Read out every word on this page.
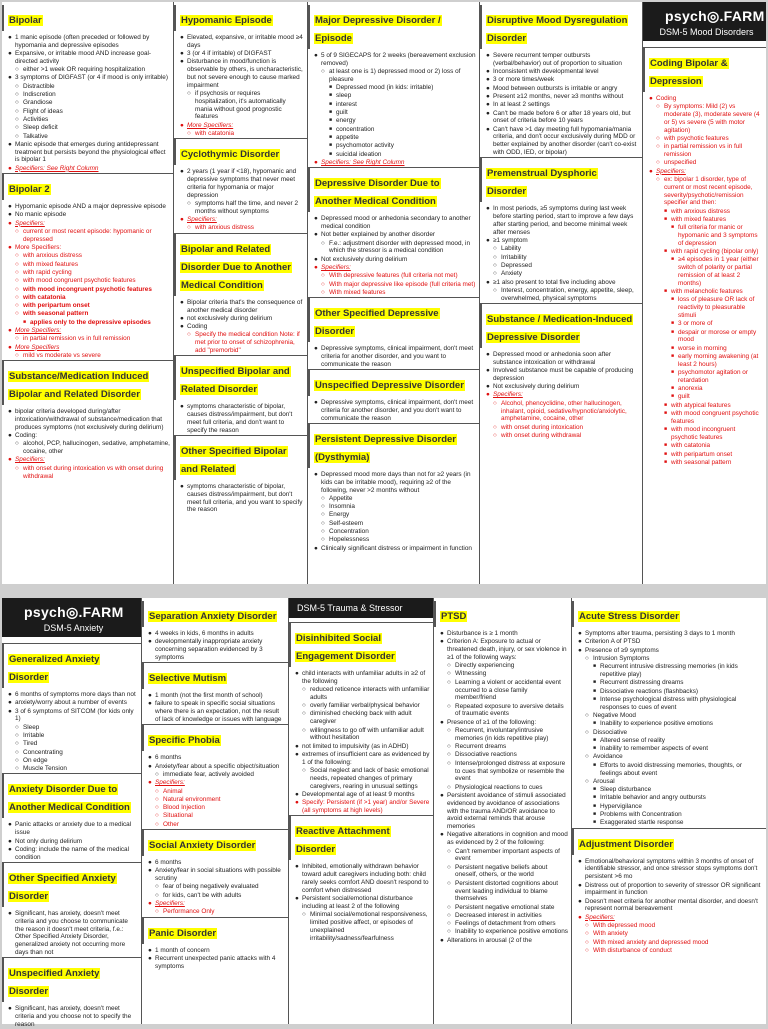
Bipolar
● 1 manic episode (often preceded or followed by hypomania and depressive episodes
● Expansive, or irritable mood AND increase goal-directed activity
○ either >1 week OR requiring hospitalization
● 3 symptoms of DIGFAST (or 4 if mood is only irritable)
○ Distractible
○ Indiscretion
○ Grandiose
○ Flight of ideas
○ Activities
○ Sleep deficit
○ Talkative
● Manic episode that emerges during antidepressant treatment but persists beyond the physiological effect is bipolar 1
● Specifiers: See Right Column
Bipolar 2
● Hypomanic episode AND a major depressive episode
● No manic episode
● Specifiers:
○ current or most recent episode: hypomanic or depressed
● More Specifiers:
○ with anxious distress
○ with mixed features
○ with rapid cycling
○ with mood congruent psychotic features
○ with mood incongruent psychotic features
○ with catatonia
○ with peripartum onset
○ with seasonal pattern
■ applies only to the depressive episodes
● More Specifiers:
○ in partial remission vs in full remission
● More Specifiers
○ mild vs moderate vs severe
Substance/Medication Induced Bipolar and Related Disorder
● bipolar criteria developed during/after intoxication/withdrawal of substance/medication that produces symptoms (not exclusively during delirium)
● Coding:
○ alcohol, PCP, hallucinogen, sedative, amphetamine, cocaine, other
● Specifiers:
○ with onset during intoxication vs with onset during withdrawal
Hypomanic Episode
● Elevated, expansive, or irritable mood ≥4 days
● 3 (or 4 if irritable) of DIGFAST
● Disturbance in mood/function is observable by others, is uncharacteristic, but not severe enough to cause marked impairment
○ if psychosis or requires hospitalization, it's automatically mania without good prognostic features
● More Specifiers:
○ with catatonia
Cyclothymic Disorder
● 2 years (1 year if <18), hypomanic and depressive symptoms that never meet criteria for hypomania or major depression
○ symptoms half the time, and never 2 months without symptoms
● Specifiers:
○ with anxious distress
Bipolar and Related Disorder Due to Another Medical Condition
● Bipolar criteria that's the consequence of another medical disorder
● not exclusively during delirium
● Coding
○ Specify the medical condition Note: if met prior to onset of schizophrenia, add "premorbid"
Unspecified Bipolar and Related Disorder
● symptoms characteristic of bipolar, causes distress/impairment, but don't meet full criteria, and don't want to specify the reason
Other Specified Bipolar and Related
● symptoms characteristic of bipolar, causes distress/impairment, but don't meet full criteria, and you want to specify the reason
Major Depressive Disorder / Episode
● 5 of 9 SIGECAPS for 2 weeks (bereavement exclusion removed)
○ at least one is 1) depressed mood or 2) loss of pleasure
■ Depressed mood (in kids: irritable)
■ sleep
■ interest
■ guilt
■ energy
■ concentration
■ appetite
■ psychomotor activity
■ suicidal ideation
● Specifiers: See Right Column
Depressive Disorder Due to Another Medical Condition
● Depressed mood or anhedonia secondary to another medical condition
● Not better explained by another disorder
○ F.e.: adjustment disorder with depressed mood, in which the stressor is a medical condition
● Not exclusively during delirium
● Specifiers:
○ With depressive features (full criteria not met)
○ With major depressive like episode (full criteria met)
○ With mixed features
Other Specified Depressive Disorder
● Depressive symptoms, clinical impairment, don't meet criteria for another disorder, and you want to communicate the reason
Unspecified Depressive Disorder
● Depressive symptoms, clinical impairment, don't meet criteria for another disorder, and you don't want to communicate the reason
Persistent Depressive Disorder (Dysthymia)
● Depressed mood more days than not for ≥2 years (in kids can be irritable mood), requiring ≥2 of the following, never >2 months without
○ Appetite
○ Insomnia
○ Energy
○ Self-esteem
○ Concentration
○ Hopelessness
● Clinically significant distress or impairment in function
Disruptive Mood Dysregulation Disorder
● Severe recurrent temper outbursts (verbal/behavior) out of proportion to situation
● Inconsistent with developmental level
● 3 or more times/week
● Mood between outbursts is irritable or angry
● Present ≥12 months, never ≥3 months without
● In at least 2 settings
● Can't be made before 6 or after 18 years old, but onset of criteria before 10 years
● Can't have >1 day meeting full hypomania/mania criteria, and don't occur exclusively during MDD or better explained by another disorder (can't co-exist with ODD, IED, or bipolar)
Premenstrual Dysphoric Disorder
● In most periods, ≥5 symptoms during last week before starting period, start to improve a few days after starting period, and become minimal week after menses
● ≥1 symptom
○ Lability
○ Irritability
○ Depressed
○ Anxiety
● ≥1 also present to total five including above
○ Interest, concentration, energy, appetite, sleep, overwhelmed, physical symptoms
Substance / Medication-Induced Depressive Disorder
● Depressed mood or anhedonia soon after substance intoxication or withdrawal
● Involved substance must be capable of producing depression
● Not exclusively during delirium
● Specifiers:
○ Alcohol, phencyclidine, other hallucinogen, inhalant, opioid, sedative/hypnotic/anxiolytic, amphetamine, cocaine, other
○ with onset during intoxication
○ with onset during withdrawal
psych◎.FARM
DSM-5 Mood Disorders
Coding Bipolar & Depression
● Coding
○ By symptoms: Mild (2) vs moderate (3), moderate severe (4 or 5) vs severe (5 with motor agitation)
○ with psychotic features
○ in partial remission vs in full remission
○ unspecified
● Specifiers:
○ ex: bipolar 1 disorder, type of current or most recent episode, severity/psychotic/remission specifier and then:
■ with anxious distress
■ with mixed features
■ full criteria for manic or hypomanic and 3 symptoms of depression
■ with rapid cycling (bipolar only)
■ ≥4 episodes in 1 year (either switch of polarity or partial remission of at least 2 months)
■ with melancholic features
■ loss of pleasure OR lack of reactivity to pleasurable stimuli
■ 3 or more of
■ despair or morose or empty mood
■ worse in morning
■ early morning awakening (at least 2 hours)
■ psychomotor agitation or retardation
■ anorexia
■ guilt
■ with atypical features
■ with mood congruent psychotic features
■ with mood incongruent psychotic features
■ with catatonia
■ with peripartum onset
■ with seasonal pattern
psych◎.FARM
DSM-5 Anxiety
Generalized Anxiety Disorder
● 6 months of symptoms more days than not
● anxiety/worry about a number of events
● 3 of 6 symptoms of SITCOM (for kids only 1)
○ Sleep
○ Irritable
○ Tired
○ Concentrating
○ On edge
○ Muscle Tension
Anxiety Disorder Due to Another Medical Condition
● Panic attacks or anxiety due to a medical issue
● Not only during delirium
● Coding: include the name of the medical condition
Other Specified Anxiety Disorder
● Significant, has anxiety, doesn't meet criteria and you choose to communicate the reason it doesn't meet criteria, f.e.: Other Specified Anxiety Disorder, generalized anxiety not occurring more days than not
Unspecified Anxiety Disorder
● Significant, has anxiety, doesn't meet criteria and you choose not to specify the reason
Separation Anxiety Disorder
● 4 weeks in kids, 6 months in adults
● developmentally inappropriate anxiety concerning separation evidenced by 3 symptoms
Selective Mutism
● 1 month (not the first month of school)
● failure to speak in specific social situations where there is an expectation, not the result of lack of knowledge or issues with language
Specific Phobia
● 6 months
● Anxiety/fear about a specific object/situation
○ immediate fear, actively avoided
● Specifiers:
○ Animal
○ Natural environment
○ Blood Injection
○ Situational
○ Other
Social Anxiety Disorder
● 6 months
● Anxiety/fear in social situations with possible scrutiny
○ fear of being negatively evaluated
○ for kids, can't be with adults
● Specifiers:
○ Performance Only
Panic Disorder
● 1 month of concern
● Recurrent unexpected panic attacks with 4 symptoms
DSM-5 Trauma & Stressor
Disinhibited Social Engagement Disorder
● child interacts with unfamiliar adults in ≥2 of the following
○ reduced reticence interacts with unfamiliar adults
○ overly familiar verbal/physical behavior
○ diminished checking back with adult caregiver
○ willingness to go off with unfamiliar adult without hesitation
● not limited to impulsivity (as in ADHD)
● extremes of insufficient care as evidenced by 1 of the following:
○ Social neglect and lack of basic emotional needs, repeated changes of primary caregivers, rearing in unusual settings
● Developmental age of at least 9 months
● Specify: Persistent (if >1 year) and/or Severe (all symptoms at high levels)
Reactive Attachment Disorder
● Inhibited, emotionally withdrawn behavior toward adult caregivers including both: child rarely seeks comfort AND doesn't respond to comfort when distressed
● Persistent social/emotional disturbance including at least 2 of the following
○ Minimal social/emotional responsiveness, limited positive affect, or episodes of unexplained irritability/sadness/fearfulness
PTSD
● Disturbance is ≥ 1 month
● Criterion A: Exposure to actual or threatened death, injury, or sex violence in ≥1 of the following ways:
○ Directly experiencing
○ Witnessing
○ Learning a violent or accidental event occurred to a close family member/friend
○ Repeated exposure to aversive details of traumatic events
● Presence of ≥1 of the following:
○ Recurrent, involuntary/intrusive memories (in kids repetitive play)
○ Recurrent dreams
○ Dissociative reactions
○ Intense/prolonged distress at exposure to cues that symbolize or resemble the event
○ Physiological reactions to cues
● Persistent avoidance of stimuli associated evidenced by avoidance of associations with the trauma AND/OR avoidance to avoid external reminds that arouse memories
● Negative alterations in cognition and mood as evidenced by 2 of the following:
○ Can't remember important aspects of event
○ Persistent negative beliefs about oneself, others, or the world
○ Persistent distorted cognitions about event leading individual to blame themselves
○ Persistent negative emotional state
○ Decreased interest in activities
○ Feelings of detachment from others
○ Inability to experience positive emotions
● Alterations in arousal (2 of the
Acute Stress Disorder
● Symptoms after trauma, persisting 3 days to 1 month
● Criterion A of PTSD
● Presence of ≥9 symptoms
○ Intrusion Symptoms
■ Recurrent intrusive distressing memories (in kids repetitive play)
■ Recurrent distressing dreams
■ Dissociative reactions (flashbacks)
■ Intense psychological distress with physiological responses to cues of event
○ Negative Mood
■ Inability to experience positive emotions
○ Dissociative
■ Altered sense of reality
■ Inability to remember aspects of event
○ Avoidance
■ Efforts to avoid distressing memories, thoughts, or feelings about event
○ Arousal
■ Sleep disturbance
■ Irritable behavior and angry outbursts
■ Hypervigilance
■ Problems with Concentration
■ Exaggerated startle response
Adjustment Disorder
● Emotional/behavioral symptoms within 3 months of onset of identifiable stressor, and once stressor stops symptoms don't persistent >6 mo
● Distress out of proportion to severity of stressor OR significant impairment in function
● Doesn't meet criteria for another mental disorder, and doesn't represent normal bereavement
● Specifiers:
○ With depressed mood
○ With anxiety
○ With mixed anxiety and depressed mood
○ With disturbance of conduct
